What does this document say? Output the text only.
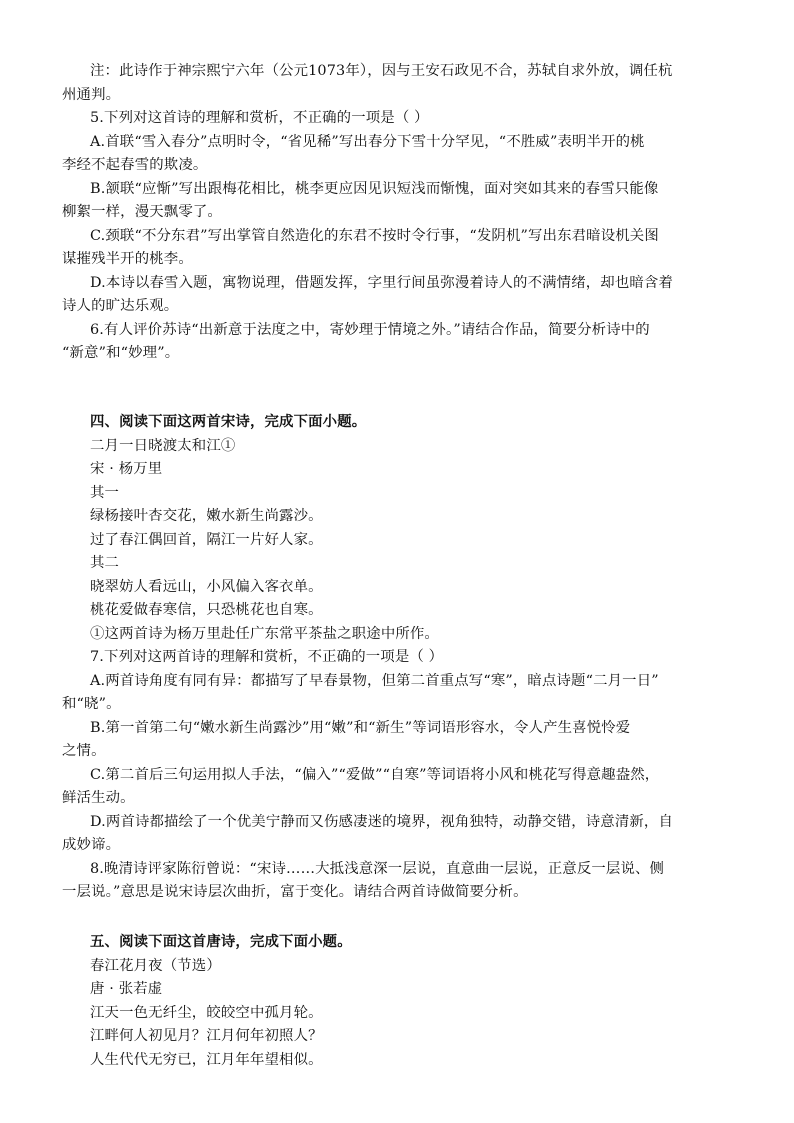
注：此诗作于神宗熙宁六年（公元1073年），因与王安石政见不合，苏轼自求外放，调任杭
州通判。
5.下列对这首诗的理解和赏析，不正确的一项是（ ）
A.首联“雪入春分”点明时令，“省见稀”写出春分下雪十分罕见，“不胜威”表明半开的桃
李经不起春雪的欺凌。
B.颔联“应惭”写出跟梅花相比，桃李更应因见识短浅而惭愧，面对突如其来的春雪只能像
柳絮一样，漫天飘零了。
C.颈联“不分东君”写出掌管自然造化的东君不按时令行事，“发阴机”写出东君暗设机关图
谋摧残半开的桃李。
D.本诗以春雪入题，寓物说理，借题发挥，字里行间虽弥漫着诗人的不满情绪，却也暗含着
诗人的旷达乐观。
6.有人评价苏诗“出新意于法度之中，寄妙理于情境之外。”请结合作品，简要分析诗中的
“新意”和“妙理”。
四、阅读下面这两首宋诗，完成下面小题。
二月一日晓渡太和江①
宋 · 杨万里
其一
绿杨接叶杏交花，嫩水新生尚露沙。
过了春江偶回首，隔江一片好人家。
其二
晓翠妨人看远山，小风偏入客衣单。
桃花爱做春寒信，只恐桃花也自寒。
①这两首诗为杨万里赴任广东常平茶盐之职途中所作。
7.下列对这两首诗的理解和赏析，不正确的一项是（ ）
A.两首诗角度有同有异：都描写了早春景物，但第二首重点写“寒”，暗点诗题“二月一日”
和“晓”。
B.第一首第二句“嫩水新生尚露沙”用“嫩”和“新生”等词语形容水，令人产生喜悦怜爱
之情。
C.第二首后三句运用拟人手法，“偏入”“爱做”“自寒”等词语将小风和桃花写得意趣盎然，
鲜活生动。
D.两首诗都描绘了一个优美宁静而又伤感凄迷的境界，视角独特，动静交错，诗意清新，自
成妙谛。
8.晚清诗评家陈衍曾说：“宋诗……大抵浅意深一层说，直意曲一层说，正意反一层说、侧
一层说。”意思是说宋诗层次曲折，富于变化。请结合两首诗做简要分析。
五、阅读下面这首唐诗，完成下面小题。
春江花月夜（节选）
唐 · 张若虚
江天一色无纤尘，皎皎空中孤月轮。
江畔何人初见月？江月何年初照人？
人生代代无穷已，江月年年望相似。
